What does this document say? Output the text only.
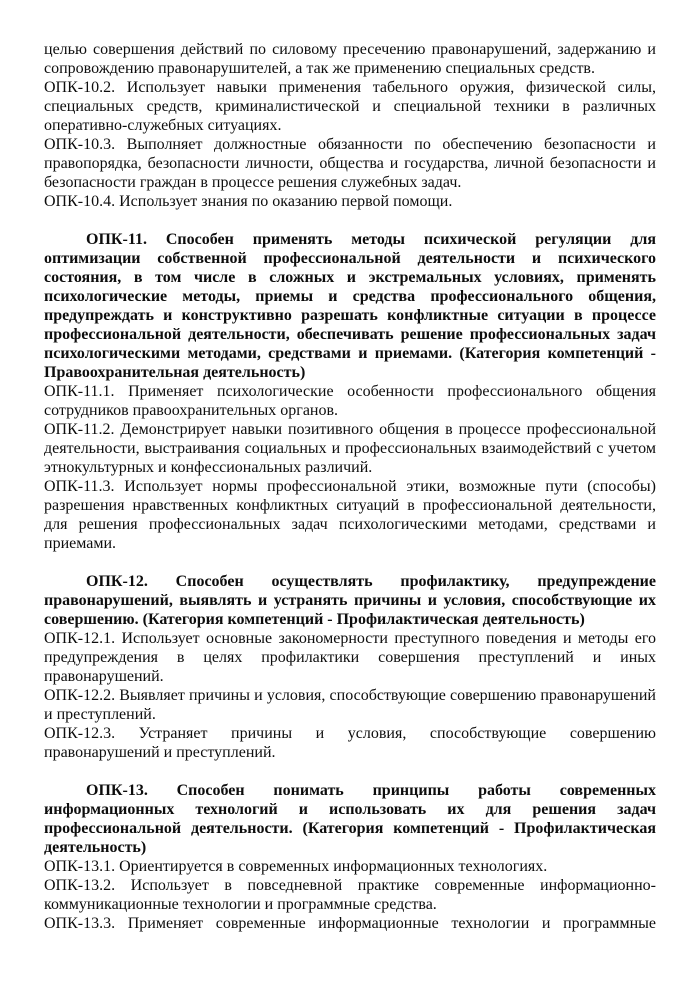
целью совершения действий по силовому пресечению правонарушений, задержанию и сопровождению правонарушителей, а так же применению специальных средств.

ОПК-10.2. Использует навыки применения табельного оружия, физической силы, специальных средств, криминалистической и специальной техники в различных оперативно-служебных ситуациях.

ОПК-10.3. Выполняет должностные обязанности по обеспечению безопасности и правопорядка, безопасности личности, общества и государства, личной безопасности и безопасности граждан в процессе решения служебных задач.

ОПК-10.4. Использует знания по оказанию первой помощи.

ОПК-11. Способен применять методы психической регуляции для оптимизации собственной профессиональной деятельности и психического состояния, в том числе в сложных и экстремальных условиях, применять психологические методы, приемы и средства профессионального общения, предупреждать и конструктивно разрешать конфликтные ситуации в процессе профессиональной деятельности, обеспечивать решение профессиональных задач психологическими методами, средствами и приемами. (Категория компетенций - Правоохранительная деятельность)

ОПК-11.1. Применяет психологические особенности профессионального общения сотрудников правоохранительных органов.

ОПК-11.2. Демонстрирует навыки позитивного общения в процессе профессиональной деятельности, выстраивания социальных и профессиональных взаимодействий с учетом этнокультурных и конфессиональных различий.

ОПК-11.3. Использует нормы профессиональной этики, возможные пути (способы) разрешения нравственных конфликтных ситуаций в профессиональной деятельности, для решения профессиональных задач психологическими методами, средствами и приемами.

ОПК-12. Способен осуществлять профилактику, предупреждение правонарушений, выявлять и устранять причины и условия, способствующие их совершению. (Категория компетенций - Профилактическая деятельность)

ОПК-12.1. Использует основные закономерности преступного поведения и методы его предупреждения в целях профилактики совершения преступлений и иных правонарушений.

ОПК-12.2. Выявляет причины и условия, способствующие совершению правонарушений и преступлений.

ОПК-12.3. Устраняет причины и условия, способствующие совершению правонарушений и преступлений.

ОПК-13. Способен понимать принципы работы современных информационных технологий и использовать их для решения задач профессиональной деятельности. (Категория компетенций - Профилактическая деятельность)

ОПК-13.1. Ориентируется в современных информационных технологиях.

ОПК-13.2. Использует в повседневной практике современные информационно-коммуникационные технологии и программные средства.

ОПК-13.3. Применяет современные информационные технологии и программные
